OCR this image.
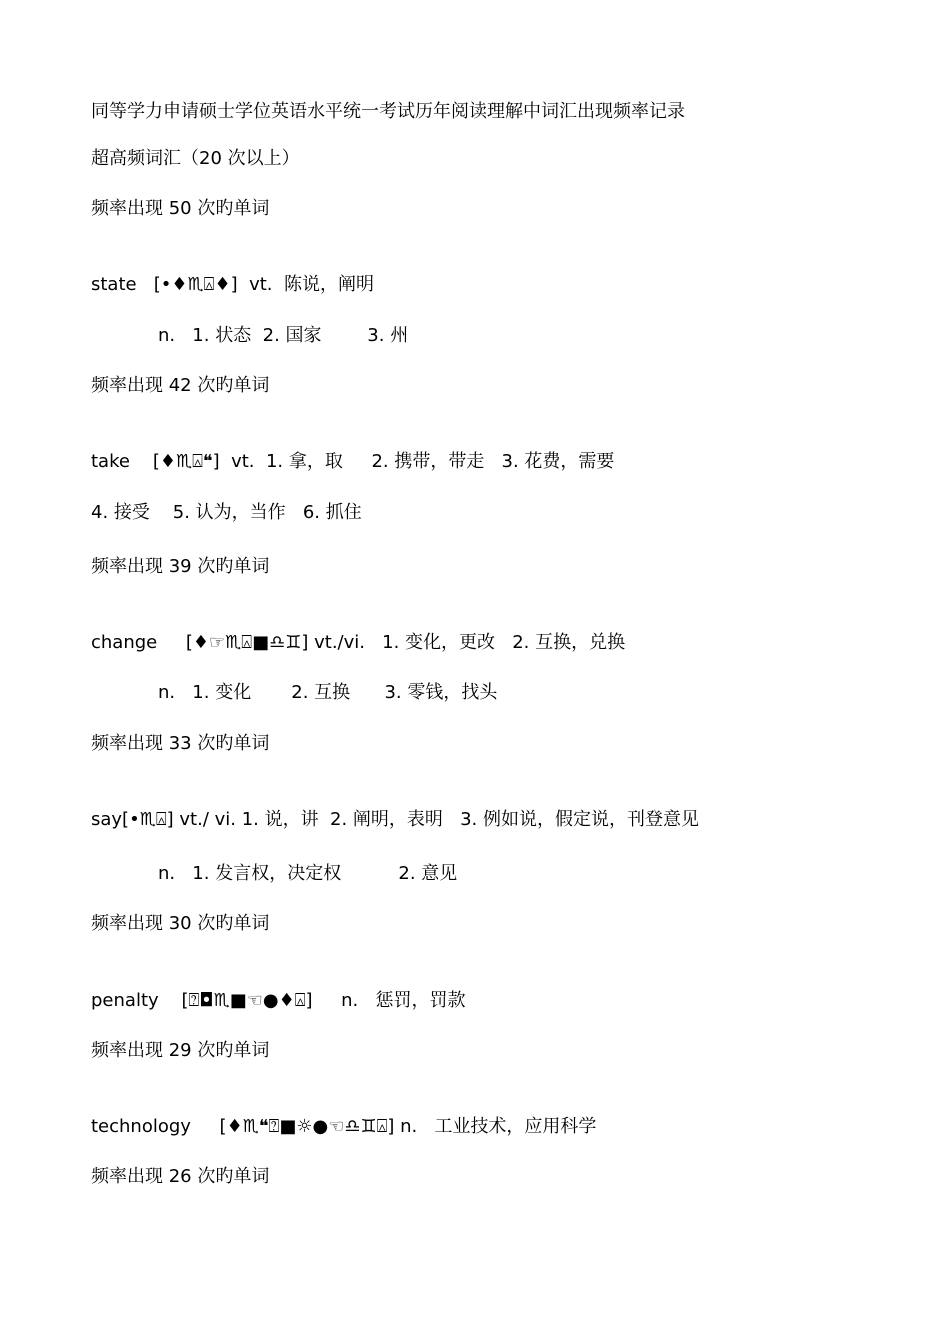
同等学力申请硕士学位英语水平统一考试历年阅读理解中词汇出现频率记录
超高频词汇（20 次以上）
频率出现 50 次旳单词
state   [•♦♏⍓♦]  vt.  陈说，阐明
n.   1. 状态  2. 国家        3. 州
频率出现 42 次旳单词
take    [♦♏⍓❝]  vt.  1. 拿，取     2. 携带，带走   3. 花费，需要
4. 接受    5. 认为，当作   6. 抓住
频率出现 39 次旳单词
change     [♦☞♏⍓■♎♊] vt./vi.   1. 变化，更改   2. 互换，兑换
n.   1. 变化       2. 互换      3. 零钱，找头
频率出现 33 次旳单词
say[•♏⍓] vt./ vi. 1. 说，讲  2. 阐明，表明   3. 例如说，假定说，刊登意见
n.   1. 发言权，决定权          2. 意见
频率出现 30 次旳单词
penalty    [⍰◘♏■☜●♦⍓]     n.   惩罚，罚款
频率出现 29 次旳单词
technology     [♦♏❝⍰■☼●☜♎♊⍓] n.   工业技术，应用科学
频率出现 26 次旳单词
